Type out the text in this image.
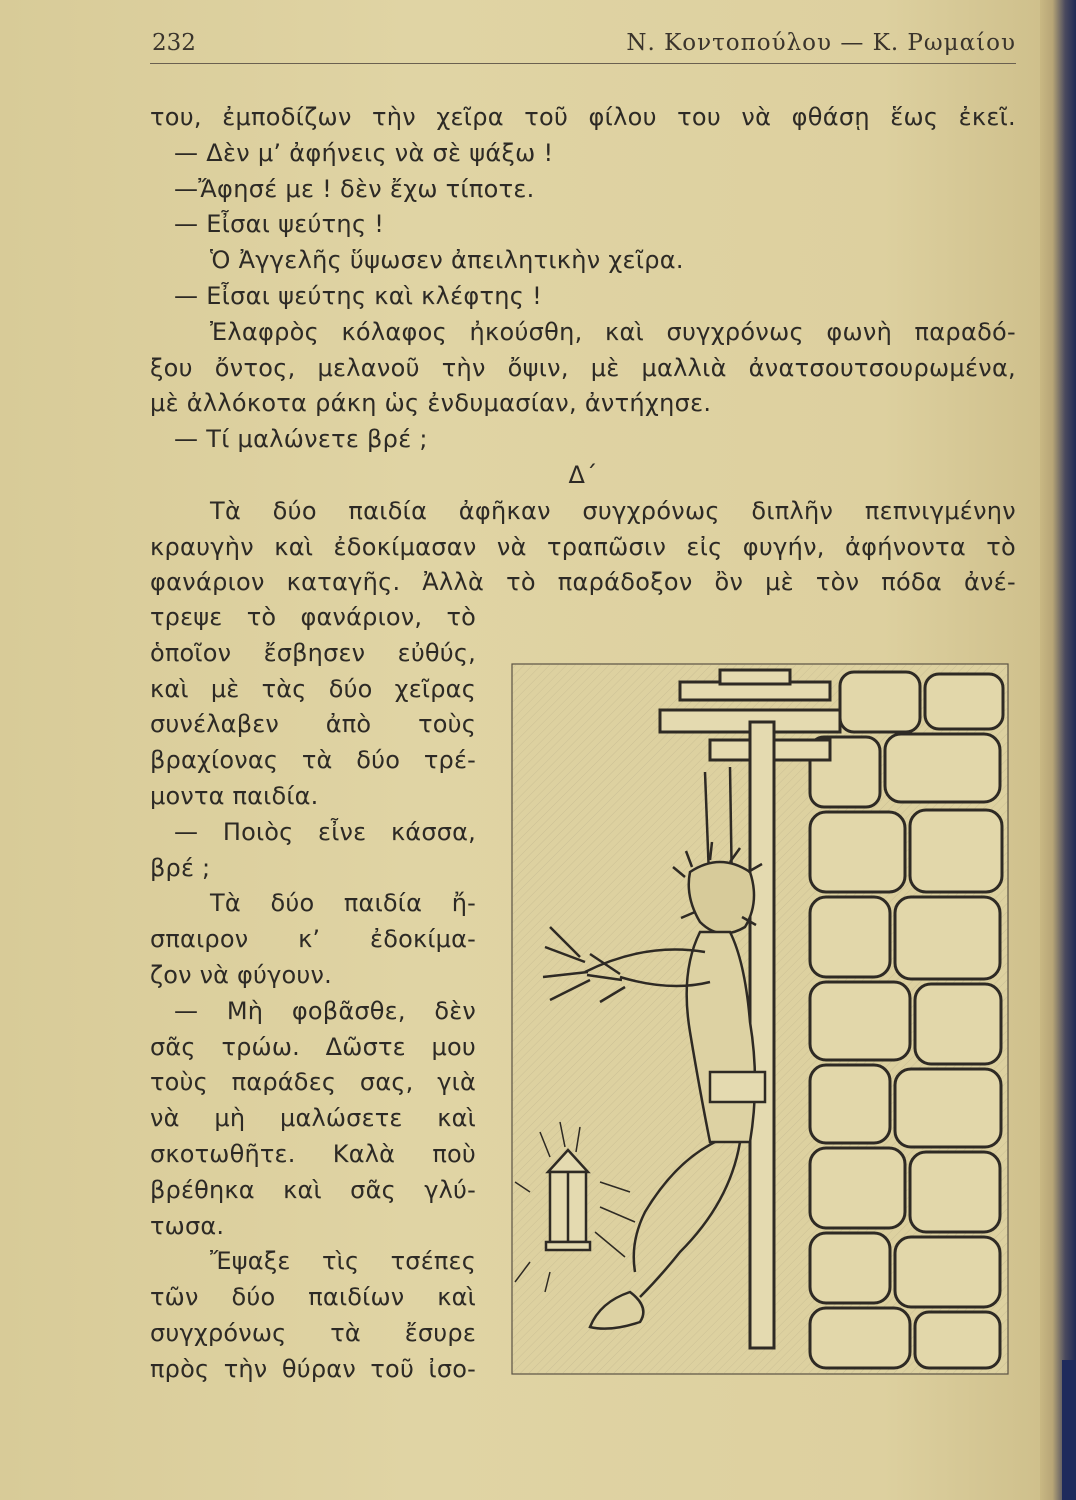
232	Ν. Κοντοπούλου — Κ. Ρωμαίου
του, ἐμποδίζων τὴν χεῖρα τοῦ φίλου του νὰ φθάσῃ ἕως ἐκεῖ.
— Δὲν μ’ ἀφήνεις νὰ σὲ ψάξω !
—Ἄφησέ με ! δὲν ἔχω τίποτε.
— Εἶσαι ψεύτης !
Ὁ Ἀγγελῆς ὕψωσεν ἀπειλητικὴν χεῖρα.
— Εἶσαι ψεύτης καὶ κλέφτης !
Ἐλαφρὸς κόλαφος ἠκούσθη, καὶ συγχρόνως φωνὴ παραδό-
ξου ὄντος, μελανοῦ τὴν ὄψιν, μὲ μαλλιὰ ἀνατσουτσουρωμένα,
μὲ ἀλλόκοτα ράκη ὡς ἐνδυμασίαν, ἀντήχησε.
— Τί μαλώνετε βρέ ;
Δ΄
Τὰ δύο παιδία ἀφῆκαν συγχρόνως διπλῆν πεπνιγμένην
κραυγὴν καὶ ἐδοκίμασαν νὰ τραπῶσιν εἰς φυγήν, ἀφήνοντα τὸ
φανάριον καταγῆς. Ἀλλὰ τὸ παράδοξον ὂν μὲ τὸν πόδα ἀνέ-
τρεψε τὸ φανάριον, τὸ
ὁποῖον ἔσβησεν εὐθύς,
καὶ μὲ τὰς δύο χεῖρας
συνέλαβεν ἀπὸ τοὺς
βραχίονας τὰ δύο τρέ-
μοντα παιδία.
— Ποιὸς εἶνε κάσσα,
βρέ ;
Τὰ δύο παιδία ἤ-
σπαιρον κ’ ἐδοκίμα-
ζον νὰ φύγουν.
— Μὴ φοβᾶσθε, δὲν
σᾶς τρώω. Δῶστε μου
τοὺς παράδες σας, γιὰ
νὰ μὴ μαλώσετε καὶ
σκοτωθῆτε. Καλὰ ποὺ
βρέθηκα καὶ σᾶς γλύ-
τωσα.
Ἔψαξε τὶς τσέπες
τῶν δύο παιδίων καὶ
συγχρόνως τὰ ἔσυρε
πρὸς τὴν θύραν τοῦ ἰσο-
